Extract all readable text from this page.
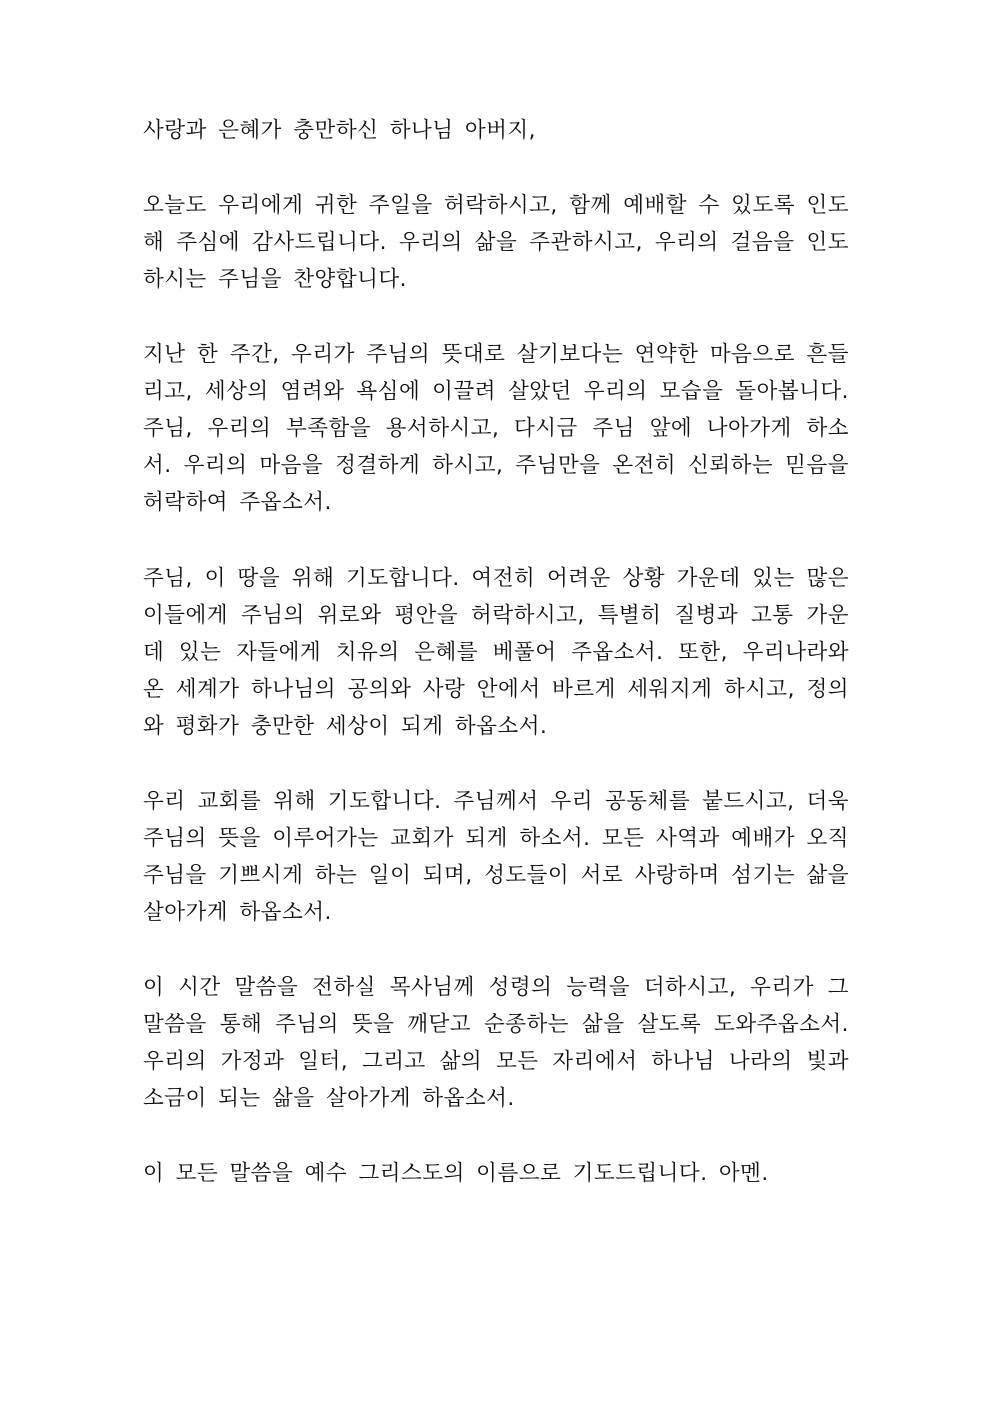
사랑과 은혜가 충만하신 하나님 아버지,
오늘도 우리에게 귀한 주일을 허락하시고, 함께 예배할 수 있도록 인도해 주심에 감사드립니다. 우리의 삶을 주관하시고, 우리의 걸음을 인도하시는 주님을 찬양합니다.
지난 한 주간, 우리가 주님의 뜻대로 살기보다는 연약한 마음으로 흔들리고, 세상의 염려와 욕심에 이끌려 살았던 우리의 모습을 돌아봅니다. 주님, 우리의 부족함을 용서하시고, 다시금 주님 앞에 나아가게 하소서. 우리의 마음을 정결하게 하시고, 주님만을 온전히 신뢰하는 믿음을 허락하여 주옵소서.
주님, 이 땅을 위해 기도합니다. 여전히 어려운 상황 가운데 있는 많은 이들에게 주님의 위로와 평안을 허락하시고, 특별히 질병과 고통 가운데 있는 자들에게 치유의 은혜를 베풀어 주옵소서. 또한, 우리나라와 온 세계가 하나님의 공의와 사랑 안에서 바르게 세워지게 하시고, 정의와 평화가 충만한 세상이 되게 하옵소서.
우리 교회를 위해 기도합니다. 주님께서 우리 공동체를 붙드시고, 더욱 주님의 뜻을 이루어가는 교회가 되게 하소서. 모든 사역과 예배가 오직 주님을 기쁘시게 하는 일이 되며, 성도들이 서로 사랑하며 섬기는 삶을 살아가게 하옵소서.
이 시간 말씀을 전하실 목사님께 성령의 능력을 더하시고, 우리가 그 말씀을 통해 주님의 뜻을 깨닫고 순종하는 삶을 살도록 도와주옵소서. 우리의 가정과 일터, 그리고 삶의 모든 자리에서 하나님 나라의 빛과 소금이 되는 삶을 살아가게 하옵소서.
이 모든 말씀을 예수 그리스도의 이름으로 기도드립니다. 아멘.
